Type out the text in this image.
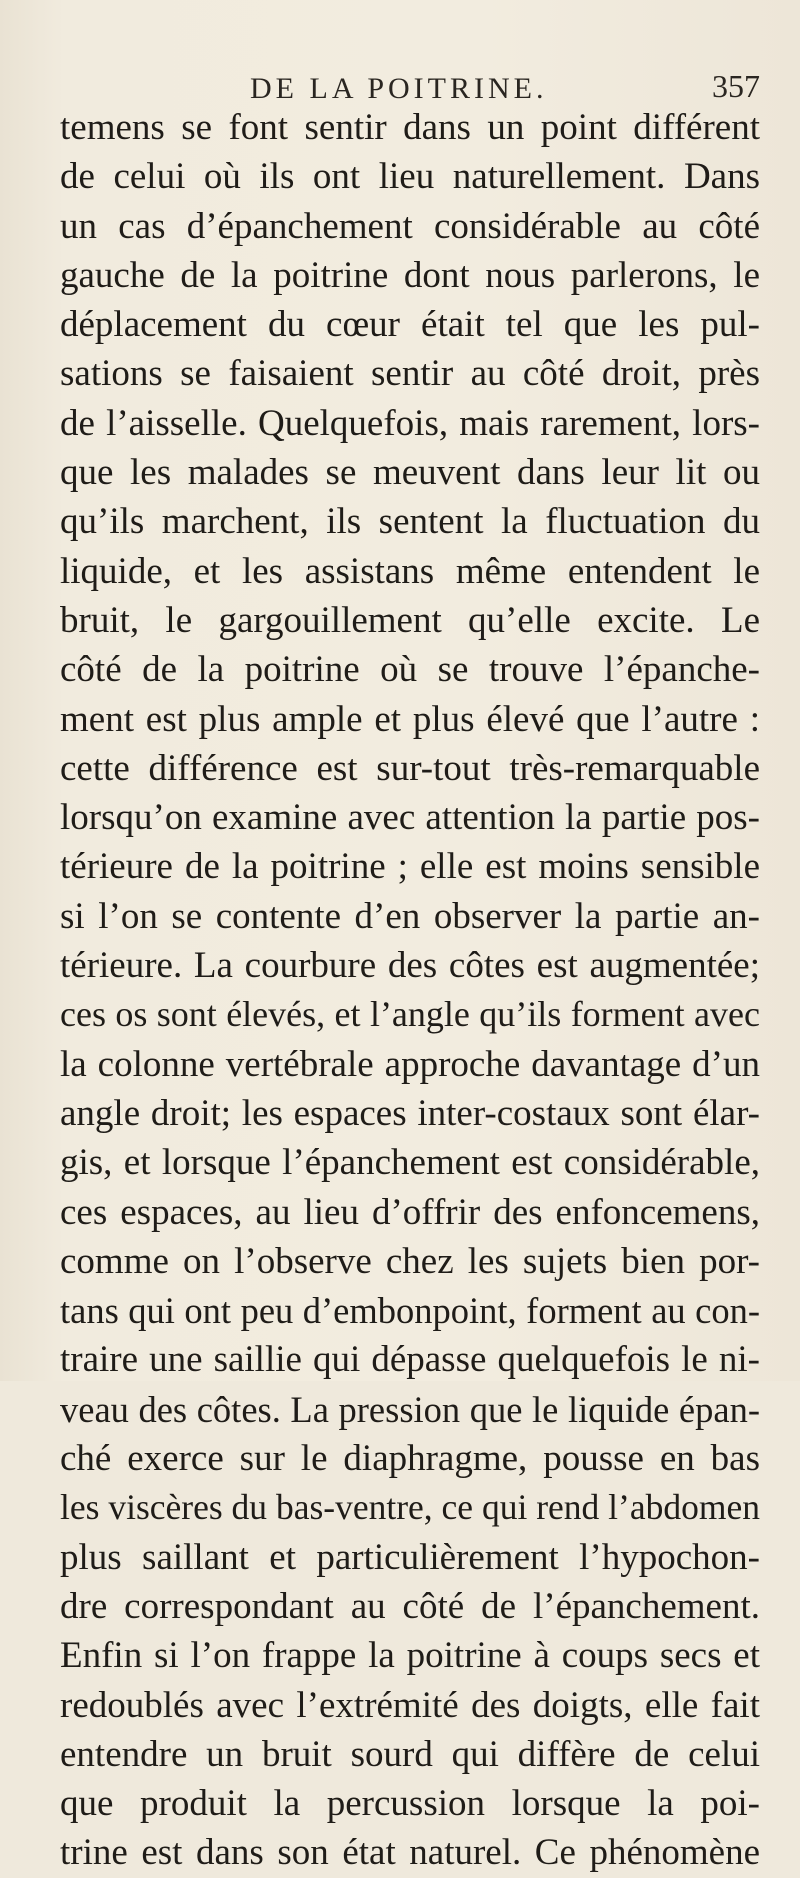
DE LA POITRINE.	357
temens se font sentir dans un point différent
de celui où ils ont lieu naturellement. Dans
un cas d’épanchement considérable au côté
gauche de la poitrine dont nous parlerons, le
déplacement du cœur était tel que les pul-
sations se faisaient sentir au côté droit, près
de l’aisselle. Quelquefois, mais rarement, lors-
que les malades se meuvent dans leur lit ou
qu’ils marchent, ils sentent la fluctuation du
liquide, et les assistans même entendent le
bruit, le gargouillement qu’elle excite. Le
côté de la poitrine où se trouve l’épanche-
ment est plus ample et plus élevé que l’autre :
cette différence est sur-tout très-remarquable
lorsqu’on examine avec attention la partie pos-
térieure de la poitrine ; elle est moins sensible
si l’on se contente d’en observer la partie an-
térieure. La courbure des côtes est augmentée;
ces os sont élevés, et l’angle qu’ils forment avec
la colonne vertébrale approche davantage d’un
angle droit; les espaces inter-costaux sont élar-
gis, et lorsque l’épanchement est considérable,
ces espaces, au lieu d’offrir des enfoncemens,
comme on l’observe chez les sujets bien por-
tans qui ont peu d’embonpoint, forment au con-
traire une saillie qui dépasse quelquefois le ni-
veau des côtes. La pression que le liquide épan-
ché exerce sur le diaphragme, pousse en bas
les viscères du bas-ventre, ce qui rend l’abdomen
plus saillant et particulièrement l’hypochon-
dre correspondant au côté de l’épanchement.
Enfin si l’on frappe la poitrine à coups secs et
redoublés avec l’extrémité des doigts, elle fait
entendre un bruit sourd qui diffère de celui
que produit la percussion lorsque la poi-
trine est dans son état naturel. Ce phénomène
